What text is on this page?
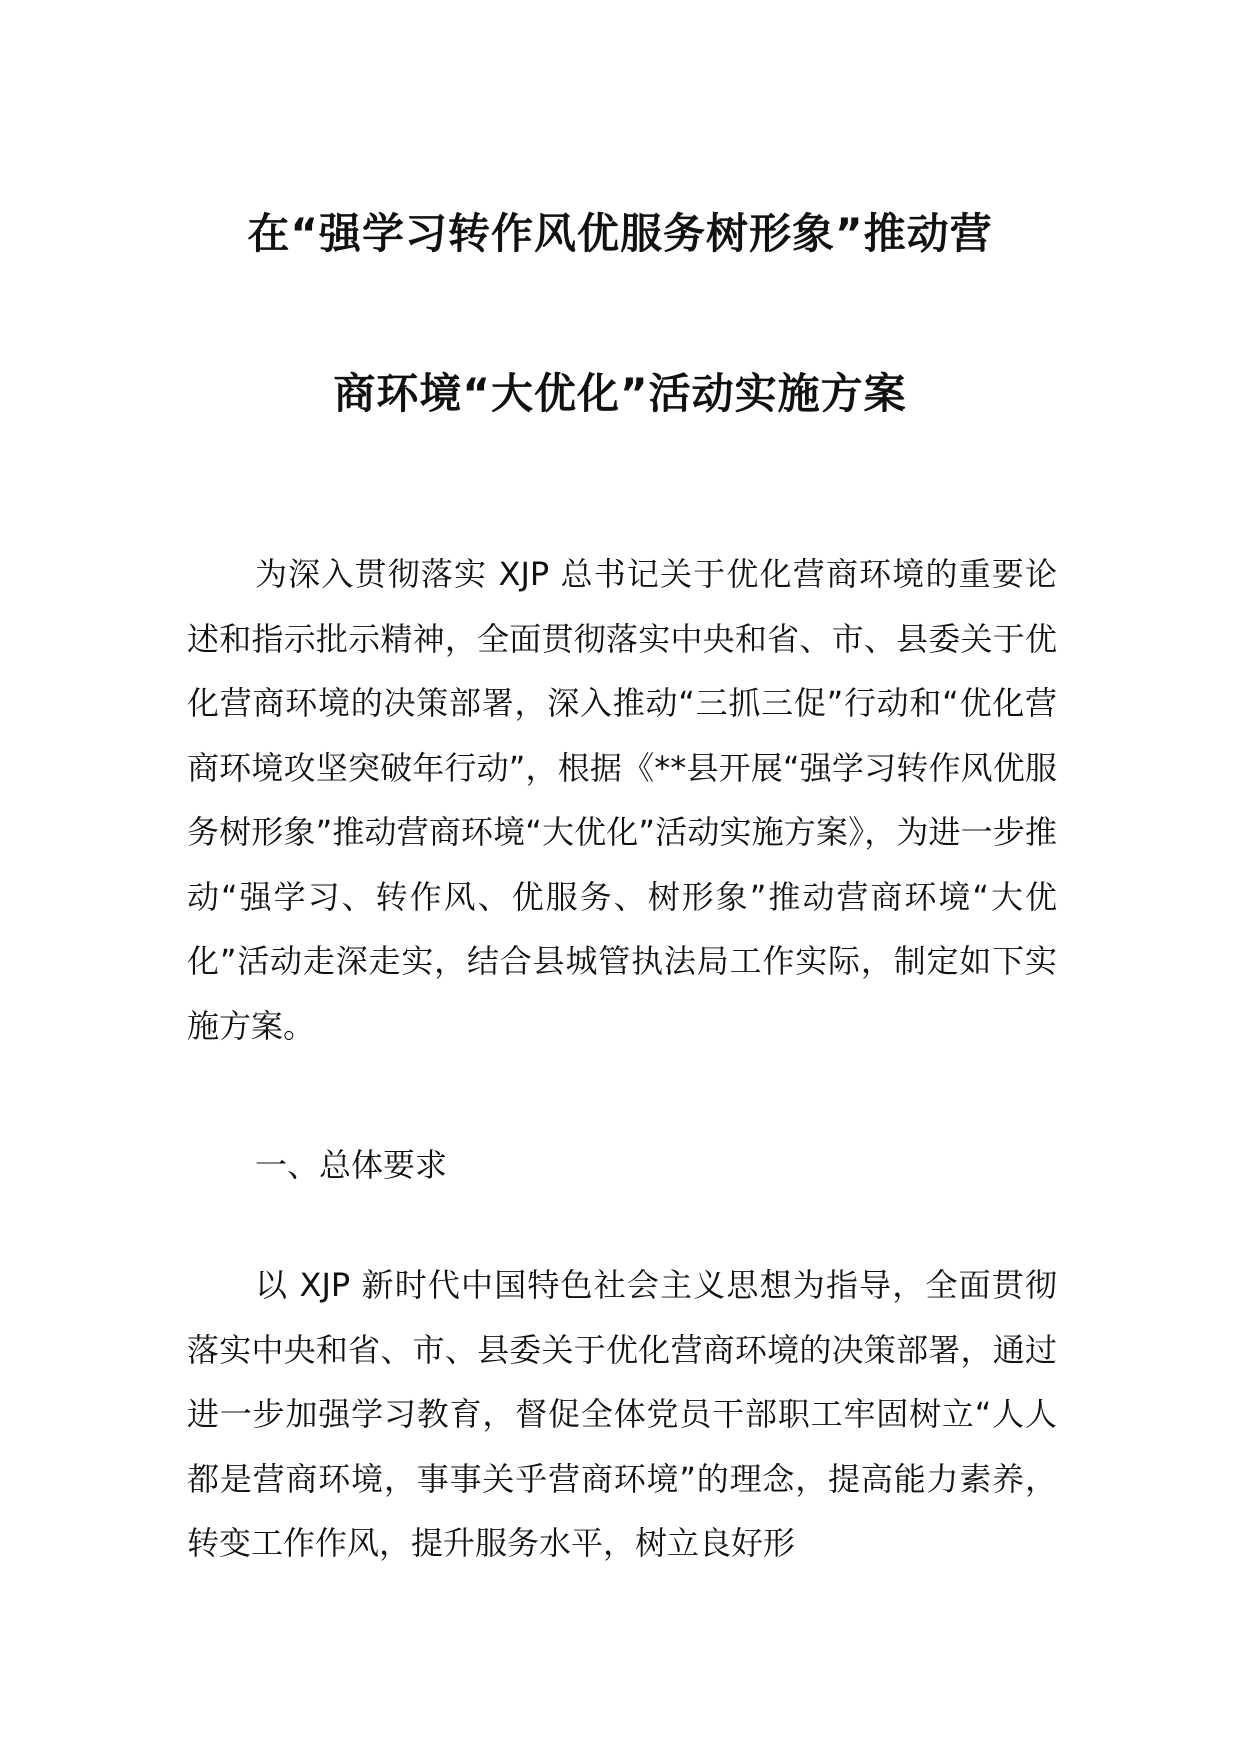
在“强学习转作风优服务树形象”推动营
商环境“大优化”活动实施方案

为深入贯彻落实 XJP 总书记关于优化营商环境的重要论述和指示批示精神，全面贯彻落实中央和省、市、县委关于优化营商环境的决策部署，深入推动“三抓三促”行动和“优化营商环境攻坚突破年行动”，根据《**县开展“强学习转作风优服务树形象”推动营商环境“大优化”活动实施方案》，为进一步推动“强学习、转作风、优服务、树形象”推动营商环境“大优化”活动走深走实，结合县城管执法局工作实际，制定如下实施方案。

一、总体要求

以 XJP 新时代中国特色社会主义思想为指导，全面贯彻落实中央和省、市、县委关于优化营商环境的决策部署，通过进一步加强学习教育，督促全体党员干部职工牢固树立“人人都是营商环境，事事关乎营商环境”的理念，提高能力素养，转变工作作风，提升服务水平，树立良好形
